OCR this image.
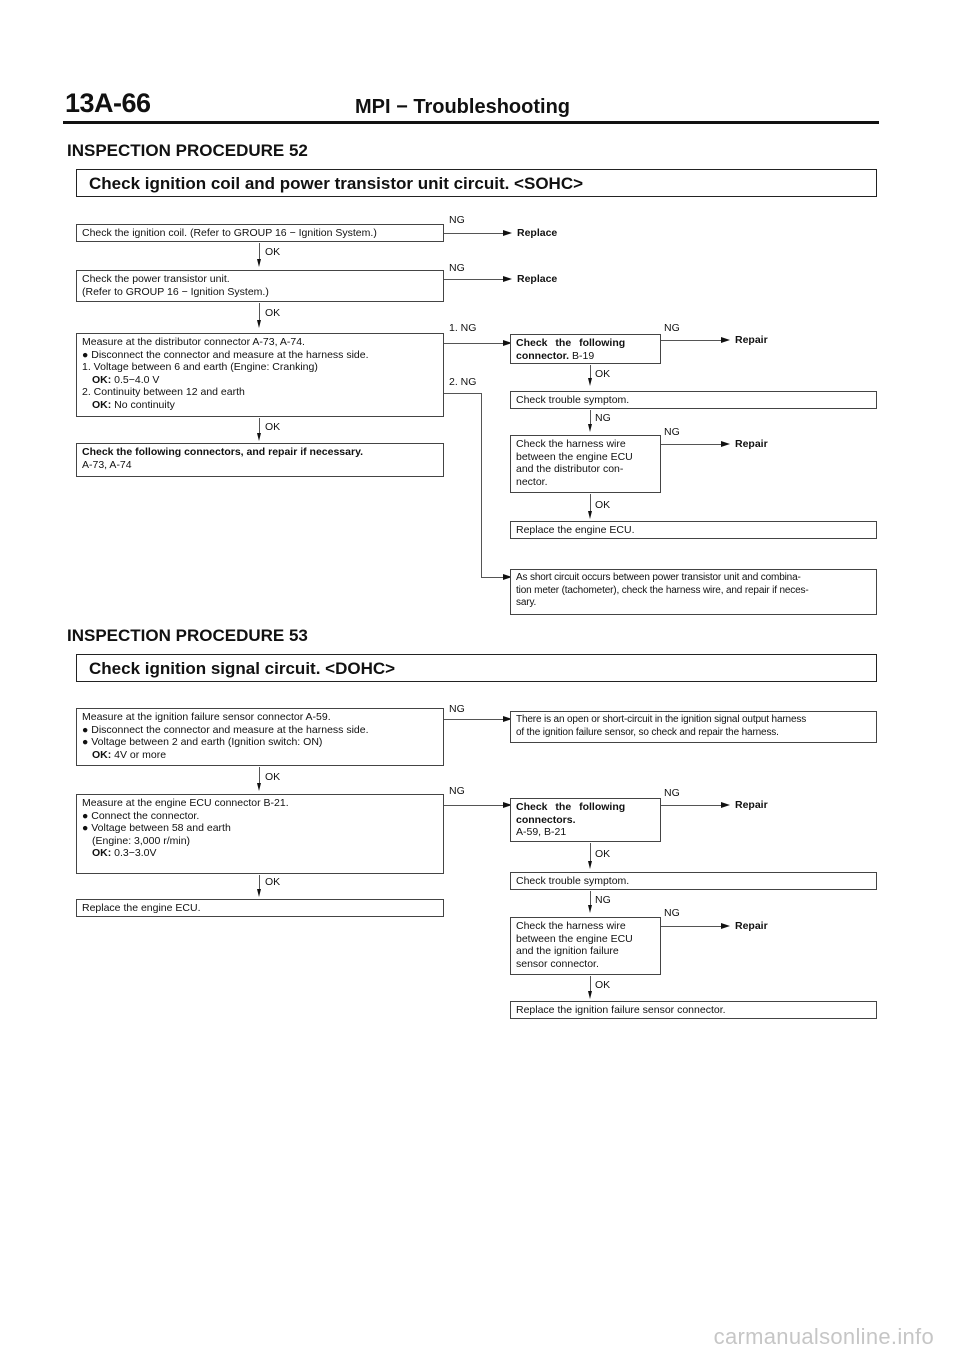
13A-66	MPI − Troubleshooting
INSPECTION PROCEDURE 52
Check ignition coil and power transistor unit circuit. <SOHC>

Check the ignition coil. (Refer to GROUP 16 − Ignition System.)

NG
Replace
OK

Check the power transistor unit.

(Refer to GROUP 16 − Ignition System.)

NG
Replace
OK

Measure at the distributor connector A-73, A-74.

● Disconnect the connector and measure at the harness side.

1. Voltage between 6 and earth (Engine: Cranking)

OK: 0.5−4.0 V

2. Continuity between 12 and earth

OK: No continuity

1. NG
2. NG
OK

Check the following connectors, and repair if necessary.

A-73, A-74

Check the following

connector. B-19

NG
Repair
OK

Check trouble symptom.

NG

Check the harness wire

between the engine ECU

and the distributor con-

nector.

NG
Repair
OK

Replace the engine ECU.

As short circuit occurs between power transistor unit and combina-

tion meter (tachometer), check the harness wire, and repair if neces-

sary.

INSPECTION PROCEDURE 53
Check ignition signal circuit. <DOHC>

Measure at the ignition failure sensor connector A-59.

● Disconnect the connector and measure at the harness side.

● Voltage between 2 and earth (Ignition switch: ON)

OK: 4V or more

NG

There is an open or short-circuit in the ignition signal output harness

of the ignition failure sensor, so check and repair the harness.

OK

Measure at the engine ECU connector B-21.

● Connect the connector.

● Voltage between 58 and earth

(Engine: 3,000 r/min)

OK: 0.3−3.0V

NG
OK

Replace the engine ECU.

Check the following

connectors.

A-59, B-21

NG
Repair
OK

Check trouble symptom.

NG

Check the harness wire

between the engine ECU

and the ignition failure

sensor connector.

NG
Repair
OK

Replace the ignition failure sensor connector.

carmanualsonline.info
